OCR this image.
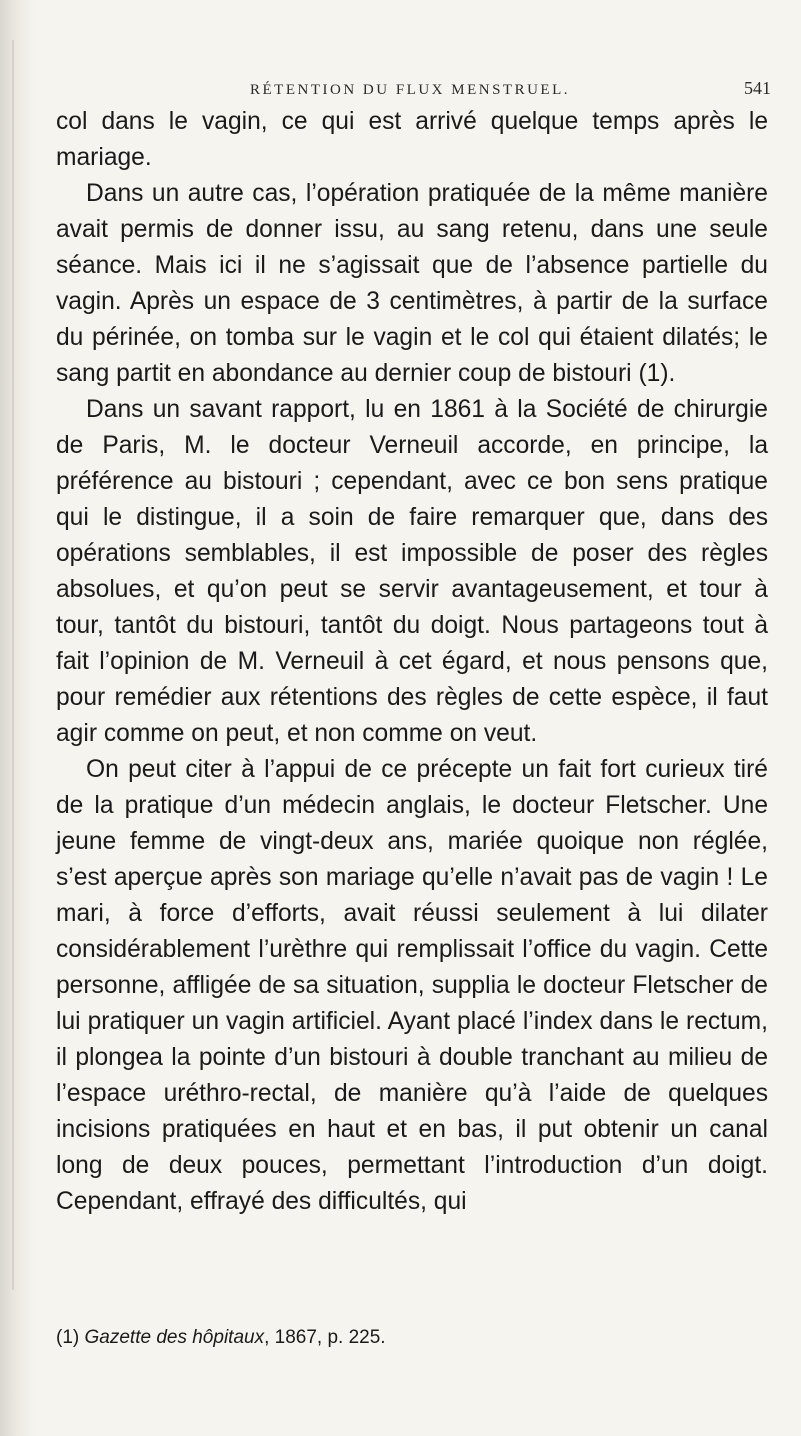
RÉTENTION DU FLUX MENSTRUEL.	541

col dans le vagin, ce qui est arrivé quelque temps après le mariage.

Dans un autre cas, l’opération pratiquée de la même manière avait permis de donner issu, au sang retenu, dans une seule séance. Mais ici il ne s’agissait que de l’absence partielle du vagin. Après un espace de 3 centimètres, à partir de la surface du périnée, on tomba sur le vagin et le col qui étaient dilatés; le sang partit en abondance au dernier coup de bistouri (1).

Dans un savant rapport, lu en 1861 à la Société de chirurgie de Paris, M. le docteur Verneuil accorde, en principe, la préférence au bistouri ; cependant, avec ce bon sens pratique qui le distingue, il a soin de faire remarquer que, dans des opérations semblables, il est impossible de poser des règles absolues, et qu’on peut se servir avantageusement, et tour à tour, tantôt du bistouri, tantôt du doigt. Nous partageons tout à fait l’opinion de M. Verneuil à cet égard, et nous pensons que, pour remédier aux rétentions des règles de cette espèce, il faut agir comme on peut, et non comme on veut.

On peut citer à l’appui de ce précepte un fait fort curieux tiré de la pratique d’un médecin anglais, le docteur Fletscher. Une jeune femme de vingt-deux ans, mariée quoique non réglée, s’est aperçue après son mariage qu’elle n’avait pas de vagin ! Le mari, à force d’efforts, avait réussi seulement à lui dilater considérablement l’urèthre qui remplissait l’office du vagin. Cette personne, affligée de sa situation, supplia le docteur Fletscher de lui pratiquer un vagin artificiel. Ayant placé l’index dans le rectum, il plongea la pointe d’un bistouri à double tranchant au milieu de l’espace uréthro-rectal, de manière qu’à l’aide de quelques incisions pratiquées en haut et en bas, il put obtenir un canal long de deux pouces, permettant l’introduction d’un doigt. Cependant, effrayé des difficultés, qui

(1) Gazette des hôpitaux, 1867, p. 225.
